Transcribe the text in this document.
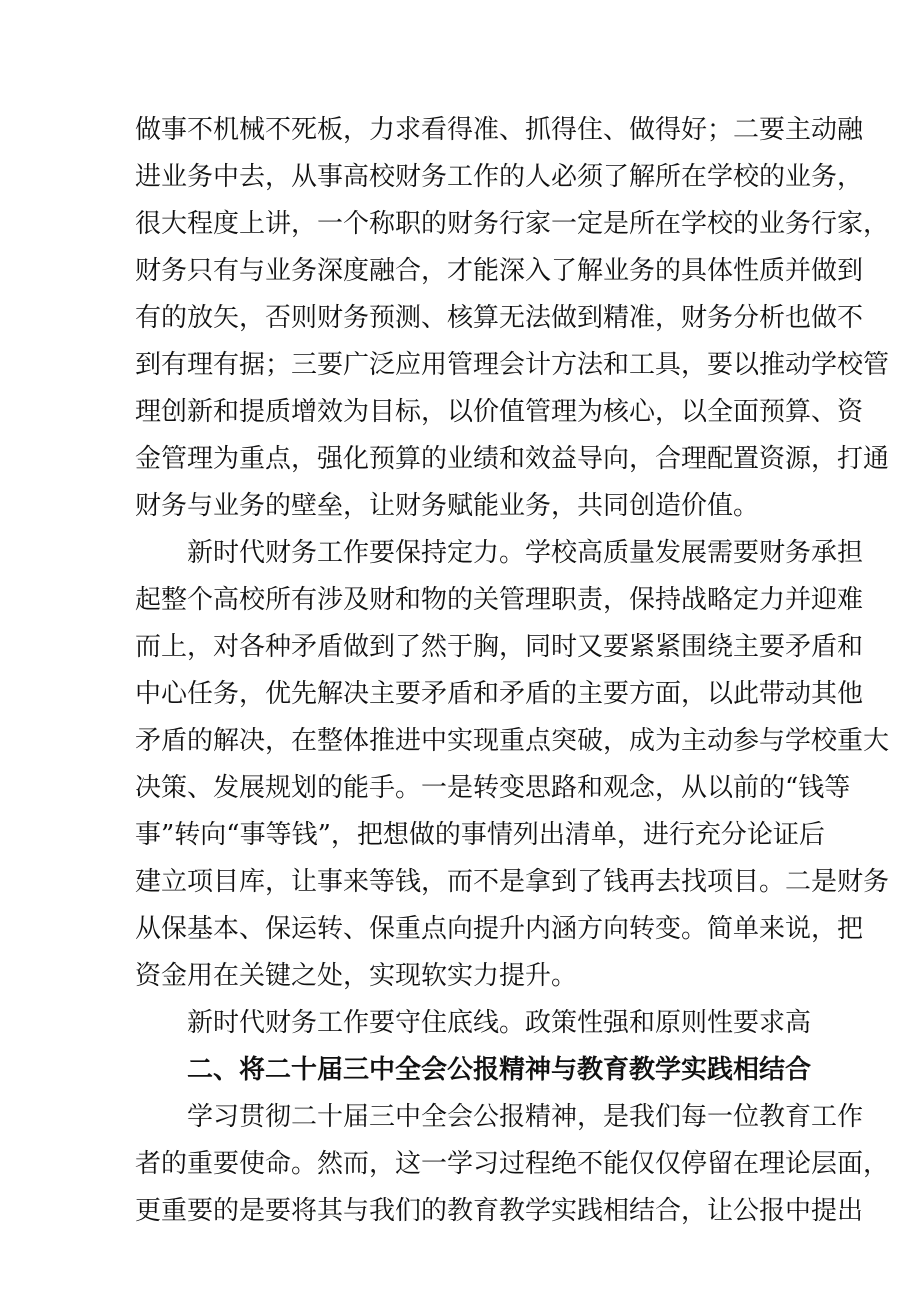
做事不机械不死板，力求看得准、抓得住、做得好；二要主动融
进业务中去，从事高校财务工作的人必须了解所在学校的业务，
很大程度上讲，一个称职的财务行家一定是所在学校的业务行家，
财务只有与业务深度融合，才能深入了解业务的具体性质并做到
有的放矢，否则财务预测、核算无法做到精准，财务分析也做不
到有理有据；三要广泛应用管理会计方法和工具，要以推动学校管
理创新和提质增效为目标，以价值管理为核心，以全面预算、资
金管理为重点，强化预算的业绩和效益导向，合理配置资源，打通
财务与业务的壁垒，让财务赋能业务，共同创造价值。
新时代财务工作要保持定力。学校高质量发展需要财务承担
起整个高校所有涉及财和物的关管理职责，保持战略定力并迎难
而上，对各种矛盾做到了然于胸，同时又要紧紧围绕主要矛盾和
中心任务，优先解决主要矛盾和矛盾的主要方面，以此带动其他
矛盾的解决，在整体推进中实现重点突破，成为主动参与学校重大
决策、发展规划的能手。一是转变思路和观念，从以前的“钱等
事”转向“事等钱”，把想做的事情列出清单，进行充分论证后
建立项目库，让事来等钱，而不是拿到了钱再去找项目。二是财务
从保基本、保运转、保重点向提升内涵方向转变。简单来说，把
资金用在关键之处，实现软实力提升。
新时代财务工作要守住底线。政策性强和原则性要求高
二、将二十届三中全会公报精神与教育教学实践相结合
学习贯彻二十届三中全会公报精神，是我们每一位教育工作
者的重要使命。然而，这一学习过程绝不能仅仅停留在理论层面，
更重要的是要将其与我们的教育教学实践相结合，让公报中提出
